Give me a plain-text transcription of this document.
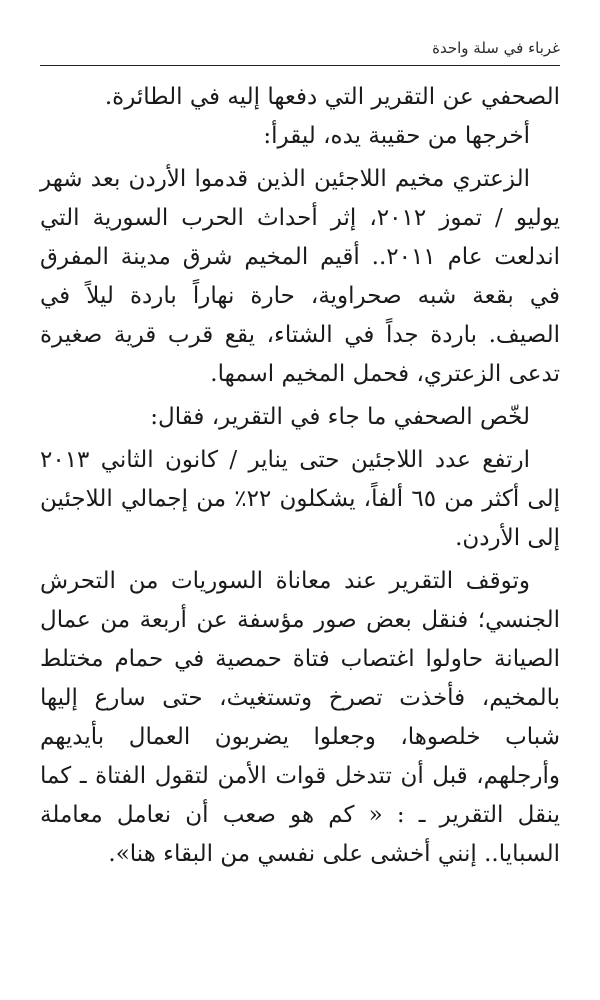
غرباء في سلة واحدة

الصحفي عن التقرير التي دفعها إليه في الطائرة.

أخرجها من حقيبة يده، ليقرأ:

الزعتري مخيم اللاجئين الذين قدموا الأردن بعد شهر يوليو / تموز ٢٠١٢، إثر أحداث الحرب السورية التي اندلعت عام ٢٠١١.. أقيم المخيم شرق مدينة المفرق في بقعة شبه صحراوية، حارة نهاراً باردة ليلاً في الصيف. باردة جداً في الشتاء، يقع قرب قرية صغيرة تدعى الزعتري، فحمل المخيم اسمها.

لخّص الصحفي ما جاء في التقرير، فقال:

ارتفع عدد اللاجئين حتى يناير / كانون الثاني ٢٠١٣ إلى أكثر من ٦٥ ألفاً، يشكلون ٢٢٪ من إجمالي اللاجئين إلى الأردن.

وتوقف التقرير عند معاناة السوريات من التحرش الجنسي؛ فنقل بعض صور مؤسفة عن أربعة من عمال الصيانة حاولوا اغتصاب فتاة حمصية في حمام مختلط بالمخيم، فأخذت تصرخ وتستغيث، حتى سارع إليها شباب خلصوها، وجعلوا يضربون العمال بأيديهم وأرجلهم، قبل أن تتدخل قوات الأمن لتقول الفتاة ـ كما ينقل التقرير ـ : « كم هو صعب أن نعامل معاملة السبايا.. إنني أخشى على نفسي من البقاء هنا».
